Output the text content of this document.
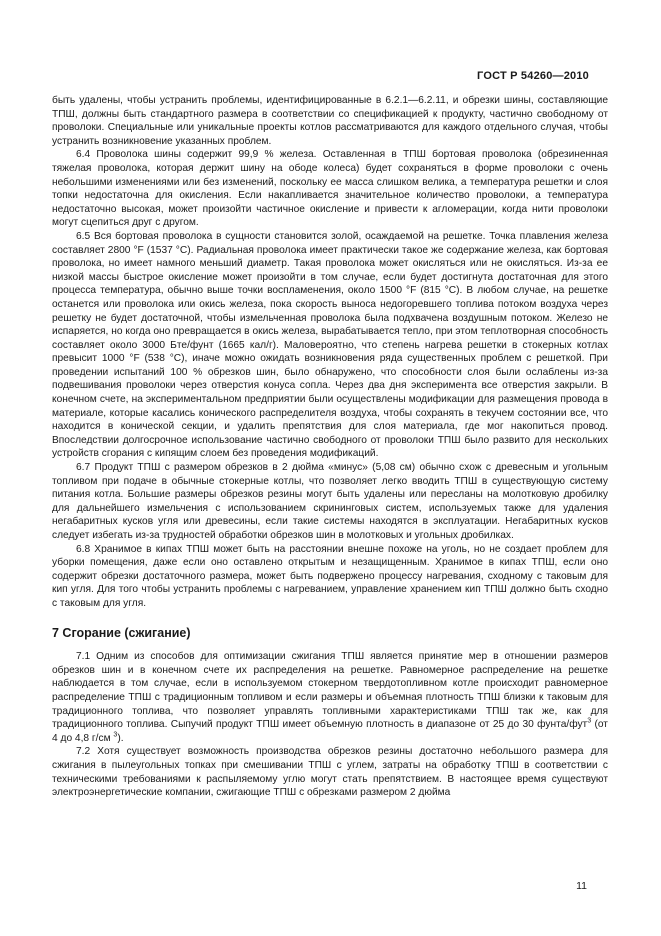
ГОСТ Р 54260—2010

быть удалены, чтобы устранить проблемы, идентифицированные в 6.2.1—6.2.11, и обрезки шины, составляющие ТПШ, должны быть стандартного размера в соответствии со спецификацией к продукту, частично свободному от проволоки. Специальные или уникальные проекты котлов рассматриваются для каждого отдельного случая, чтобы устранить возникновение указанных проблем.

6.4 Проволока шины содержит 99,9 % железа. Оставленная в ТПШ бортовая проволока (обрезиненная тяжелая проволока, которая держит шину на ободе колеса) будет сохраняться в форме проволоки с очень небольшими изменениями или без изменений, поскольку ее масса слишком велика, а температура решетки и слоя топки недостаточна для окисления. Если накапливается значительное количество проволоки, а температура недостаточно высокая, может произойти частичное окисление и привести к агломерации, когда нити проволоки могут сцепиться друг с другом.

6.5 Вся бортовая проволока в сущности становится золой, осаждаемой на решетке. Точка плавления железа составляет 2800 °F (1537 °C). Радиальная проволока имеет практически такое же содержание железа, как бортовая проволока, но имеет намного меньший диаметр. Такая проволока может окисляться или не окисляться. Из-за ее низкой массы быстрое окисление может произойти в том случае, если будет достигнута достаточная для этого процесса температура, обычно выше точки воспламенения, около 1500 °F (815 °C). В любом случае, на решетке останется или проволока или окись железа, пока скорость выноса недогоревшего топлива потоком воздуха через решетку не будет достаточной, чтобы измельченная проволока была подхвачена воздушным потоком. Железо не испаряется, но когда оно превращается в окись железа, вырабатывается тепло, при этом теплотворная способность составляет около 3000 Бте/фунт (1665 кал/г). Маловероятно, что степень нагрева решетки в стокерных котлах превысит 1000 °F (538 °C), иначе можно ожидать возникновения ряда существенных проблем с решеткой. При проведении испытаний 100 % обрезков шин, было обнаружено, что способности слоя были ослаблены из-за подвешивания проволоки через отверстия конуса сопла. Через два дня эксперимента все отверстия закрыли. В конечном счете, на экспериментальном предприятии были осуществлены модификации для размещения провода в материале, которые касались конического распределителя воздуха, чтобы сохранять в текучем состоянии все, что находится в конической секции, и удалить препятствия для слоя материала, где мог накопиться провод. Впоследствии долгосрочное использование частично свободного от проволоки ТПШ было развито для нескольких устройств сгорания с кипящим слоем без проведения модификаций.

6.7 Продукт ТПШ с размером обрезков в 2 дюйма «минус» (5,08 см) обычно схож с древесным и угольным топливом при подаче в обычные стокерные котлы, что позволяет легко вводить ТПШ в существующую систему питания котла. Большие размеры обрезков резины могут быть удалены или пересланы на молотковую дробилку для дальнейшего измельчения с использованием скрининговых систем, используемых также для удаления негабаритных кусков угля или древесины, если такие системы находятся в эксплуатации. Негабаритных кусков следует избегать из-за трудностей обработки обрезков шин в молотковых и угольных дробилках.

6.8 Хранимое в кипах ТПШ может быть на расстоянии внешне похоже на уголь, но не создает проблем для уборки помещения, даже если оно оставлено открытым и незащищенным. Хранимое в кипах ТПШ, если оно содержит обрезки достаточного размера, может быть подвержено процессу нагревания, сходному с таковым для кип угля. Для того чтобы устранить проблемы с нагреванием, управление хранением кип ТПШ должно быть сходно с таковым для угля.

7 Сгорание (сжигание)

7.1 Одним из способов для оптимизации сжигания ТПШ является принятие мер в отношении размеров обрезков шин и в конечном счете их распределения на решетке. Равномерное распределение на решетке наблюдается в том случае, если в используемом стокерном твердотопливном котле происходит равномерное распределение ТПШ с традиционным топливом и если размеры и объемная плотность ТПШ близки к таковым для традиционного топлива, что позволяет управлять топливными характеристиками ТПШ так же, как для традиционного топлива. Сыпучий продукт ТПШ имеет объемную плотность в диапазоне от 25 до 30 фунта/фут$^3$ (от 4 до 4,8 г/см $^3$).

7.2 Хотя существует возможность производства обрезков резины достаточно небольшого размера для сжигания в пылеугольных топках при смешивании ТПШ с углем, затраты на обработку ТПШ в соответствии с техническими требованиями к распыляемому углю могут стать препятствием. В настоящее время существуют электроэнергетические компании, сжигающие ТПШ с обрезками размером 2 дюйма

11
